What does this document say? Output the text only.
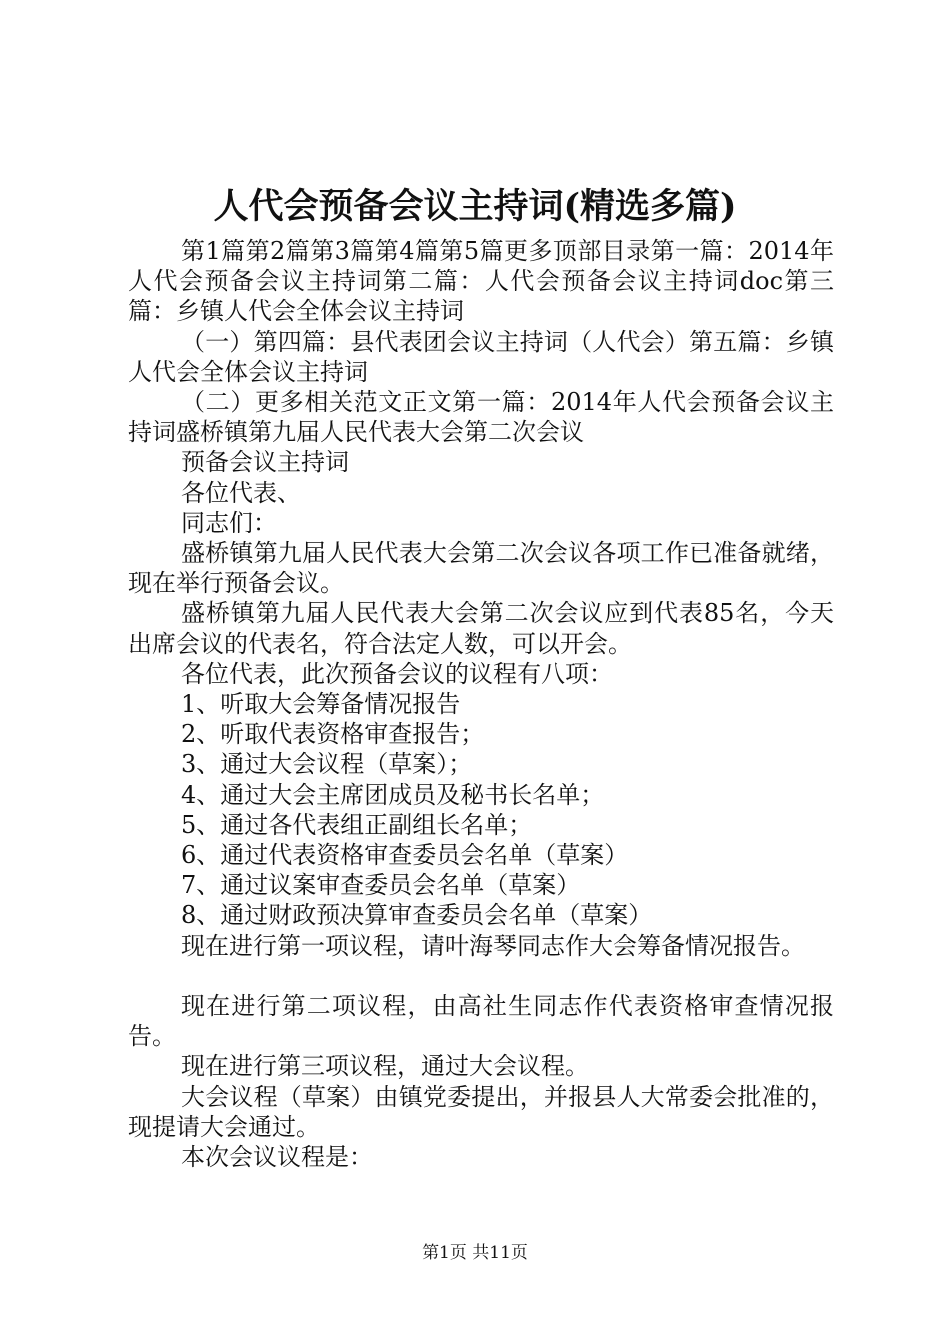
人代会预备会议主持词(精选多篇)

第1篇第2篇第3篇第4篇第5篇更多顶部目录第一篇：2014年人代会预备会议主持词第二篇：人代会预备会议主持词doc第三篇：乡镇人代会全体会议主持词

（一）第四篇：县代表团会议主持词（人代会）第五篇：乡镇人代会全体会议主持词

（二）更多相关范文正文第一篇：2014年人代会预备会议主持词盛桥镇第九届人民代表大会第二次会议

预备会议主持词

各位代表、

同志们：

盛桥镇第九届人民代表大会第二次会议各项工作已准备就绪，现在举行预备会议。

盛桥镇第九届人民代表大会第二次会议应到代表85名，今天出席会议的代表名，符合法定人数，可以开会。

各位代表，此次预备会议的议程有八项：

1、听取大会筹备情况报告

2、听取代表资格审查报告；

3、通过大会议程（草案）；

4、通过大会主席团成员及秘书长名单；

5、通过各代表组正副组长名单；

6、通过代表资格审查委员会名单（草案）

7、通过议案审查委员会名单（草案）

8、通过财政预决算审查委员会名单（草案）

现在进行第一项议程，请叶海琴同志作大会筹备情况报告。

现在进行第二项议程，由高社生同志作代表资格审查情况报告。

现在进行第三项议程，通过大会议程。

大会议程（草案）由镇党委提出，并报县人大常委会批准的，现提请大会通过。

本次会议议程是：

第1页 共11页
